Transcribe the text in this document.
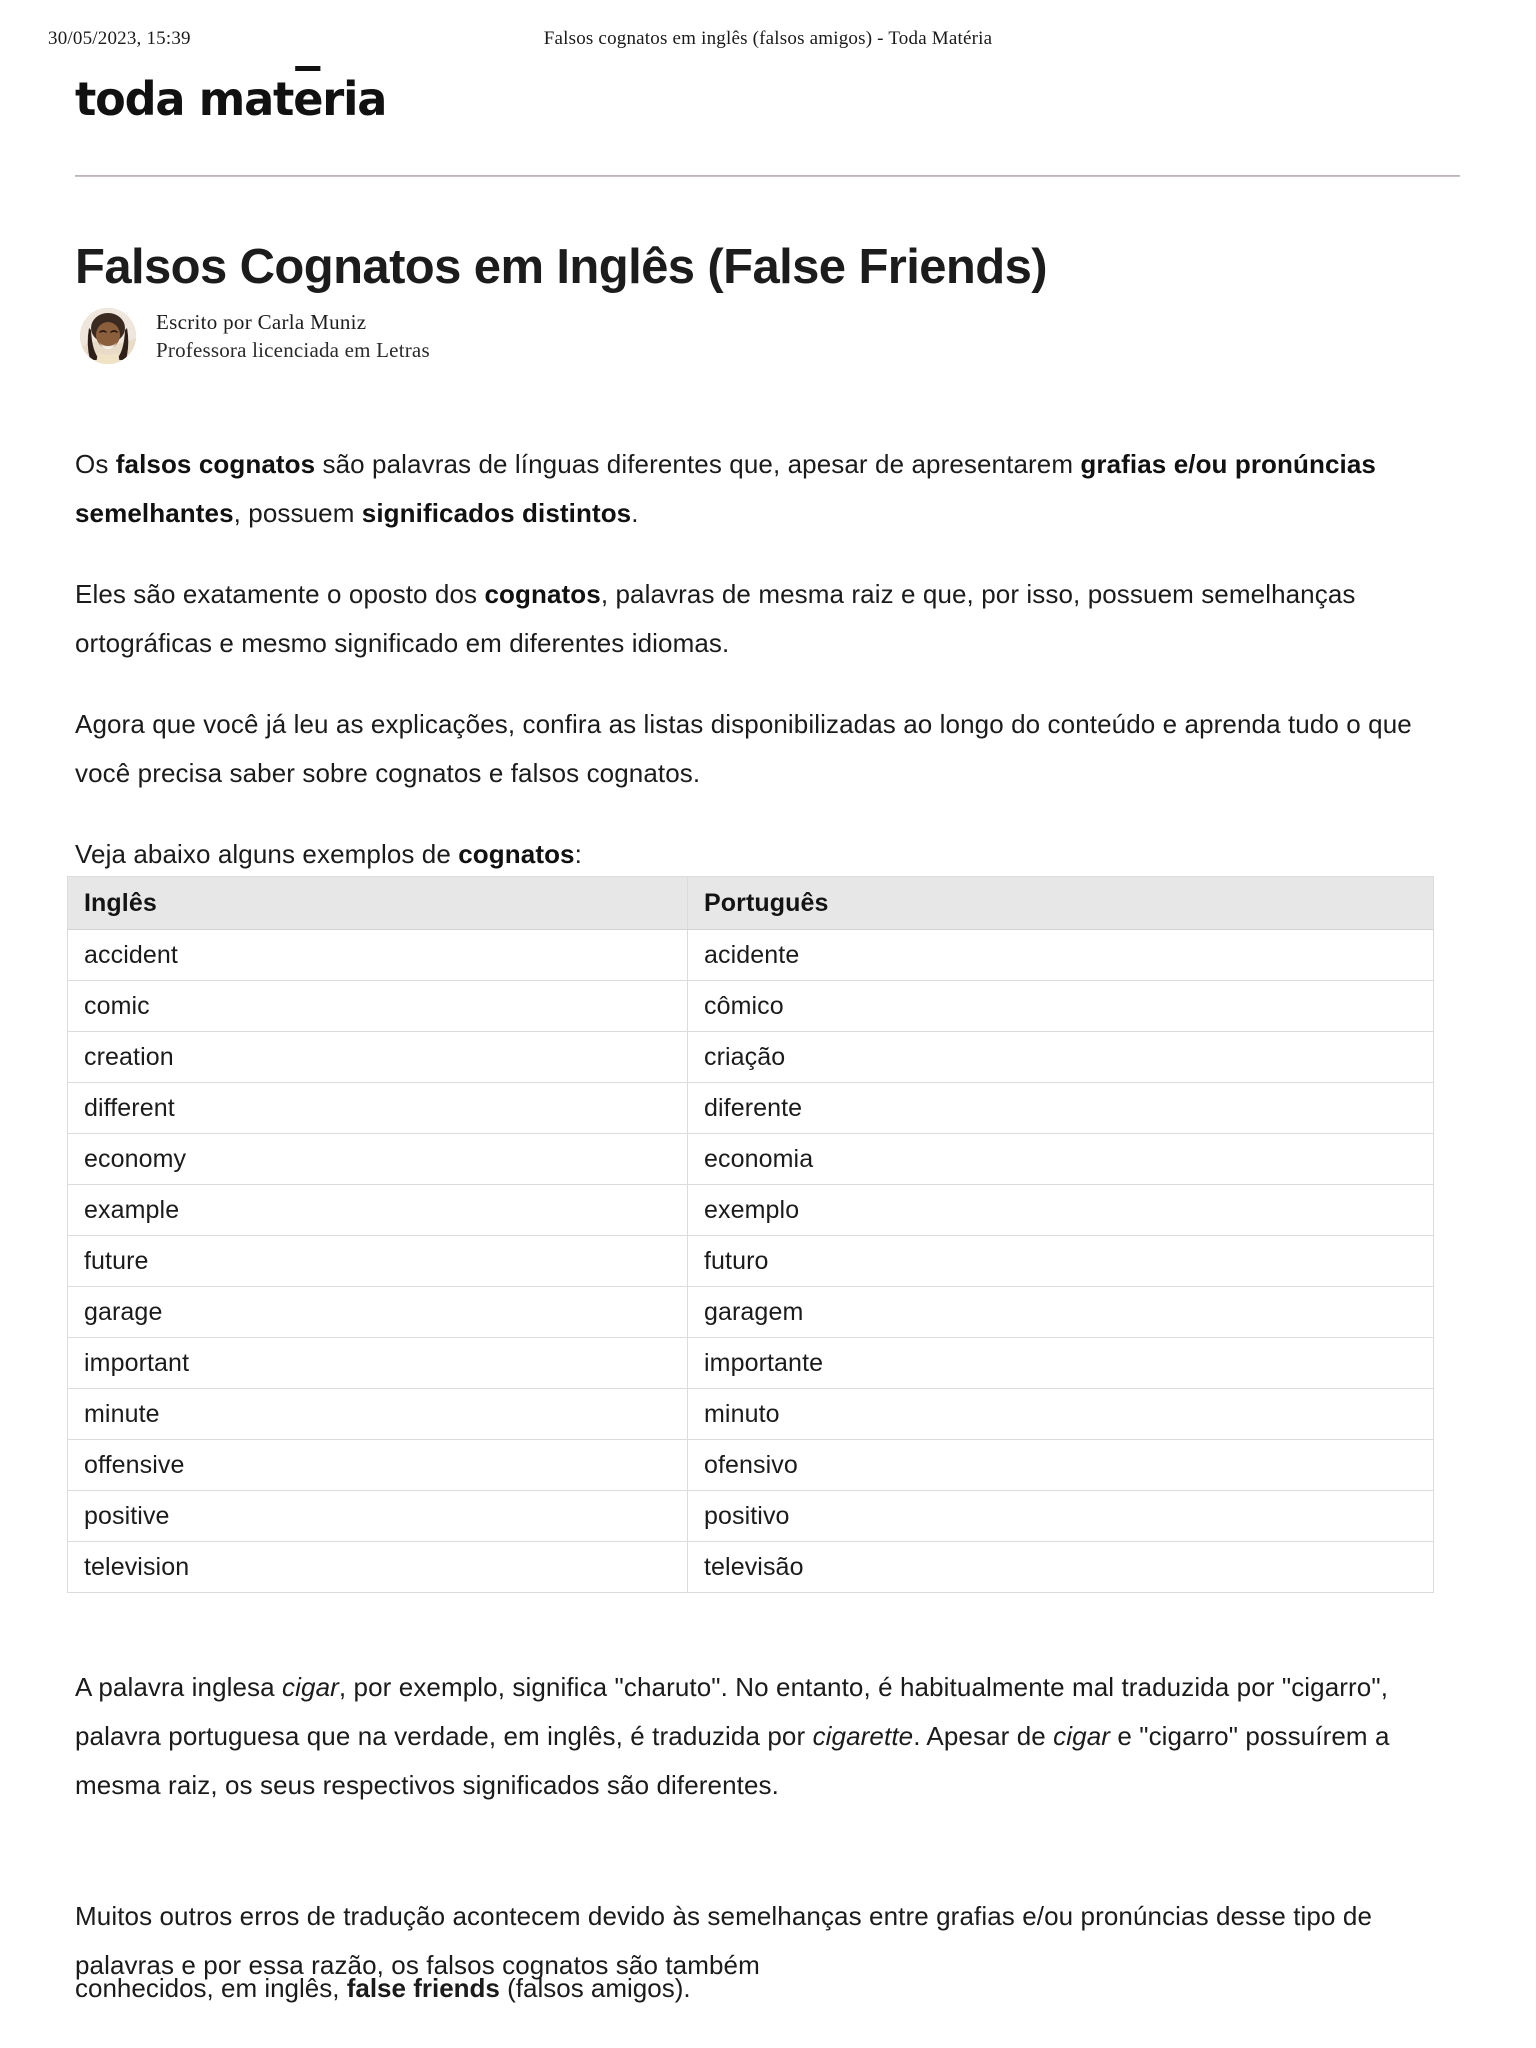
30/05/2023, 15:39	Falsos cognatos em inglês (falsos amigos) - Toda Matéria
toda materia
Falsos Cognatos em Inglês (False Friends)
Escrito por Carla Muniz
Professora licenciada em Letras

Os falsos cognatos são palavras de línguas diferentes que, apesar de apresentarem grafias e/ou pronúncias semelhantes, possuem significados distintos.

Eles são exatamente o oposto dos cognatos, palavras de mesma raiz e que, por isso, possuem semelhanças ortográficas e mesmo significado em diferentes idiomas.

Agora que você já leu as explicações, confira as listas disponibilizadas ao longo do conteúdo e aprenda tudo o que você precisa saber sobre cognatos e falsos cognatos.

Veja abaixo alguns exemplos de cognatos:

Inglês	Português
accident	acidente
comic	cômico
creation	criação
different	diferente
economy	economia
example	exemplo
future	futuro
garage	garagem
important	importante
minute	minuto
offensive	ofensivo
positive	positivo
television	televisão

A palavra inglesa cigar, por exemplo, significa "charuto". No entanto, é habitualmente mal traduzida por "cigarro", palavra portuguesa que na verdade, em inglês, é traduzida por cigarette. Apesar de cigar e "cigarro" possuírem a mesma raiz, os seus respectivos significados são diferentes.

Muitos outros erros de tradução acontecem devido às semelhanças entre grafias e/ou pronúncias desse tipo de palavras e por essa razão, os falsos cognatos são também

conhecidos, em inglês, false friends (falsos amigos).
